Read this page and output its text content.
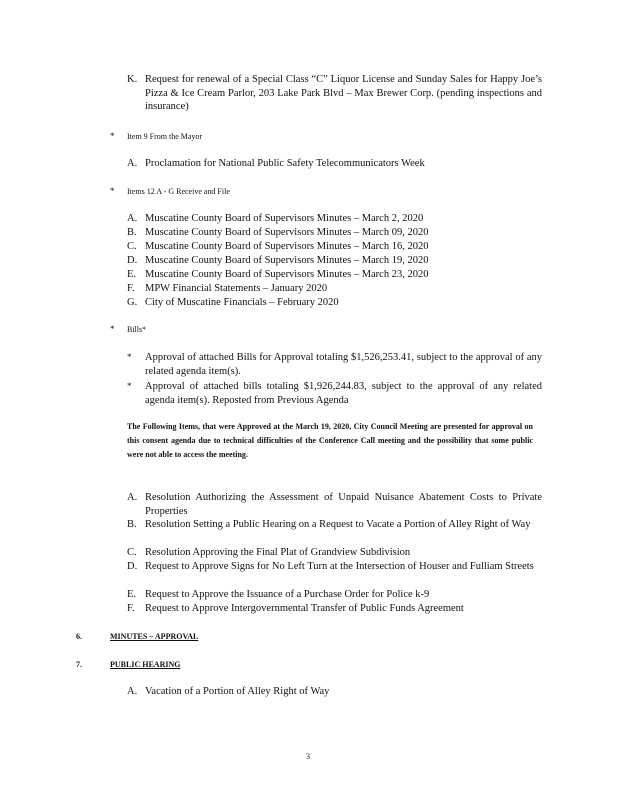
K. Request for renewal of a Special Class “C” Liquor License and Sunday Sales for Happy Joe’s Pizza & Ice Cream Parlor, 203 Lake Park Blvd – Max Brewer Corp. (pending inspections and insurance)
* Item 9 From the Mayor
A. Proclamation for National Public Safety Telecommunicators Week
* Items 12 A - G Receive and File
A. Muscatine County Board of Supervisors Minutes – March 2, 2020
B. Muscatine County Board of Supervisors Minutes – March 09, 2020
C. Muscatine County Board of Supervisors Minutes – March 16, 2020
D. Muscatine County Board of Supervisors Minutes – March 19, 2020
E. Muscatine County Board of Supervisors Minutes – March 23, 2020
F. MPW Financial Statements – January 2020
G. City of Muscatine Financials – February 2020
* Bills*
* Approval of attached Bills for Approval totaling $1,526,253.41, subject to the approval of any related agenda item(s).
* Approval of attached bills totaling $1,926,244.83, subject to the approval of any related agenda item(s). Reposted from Previous Agenda
The Following Items, that were Approved at the March 19, 2020, City Council Meeting are presented for approval on this consent agenda due to technical difficulties of the Conference Call meeting and the possibility that some public were not able to access the meeting.
A. Resolution Authorizing the Assessment of Unpaid Nuisance Abatement Costs to Private Properties
B. Resolution Setting a Public Hearing on a Request to Vacate a Portion of Alley Right of Way
C. Resolution Approving the Final Plat of Grandview Subdivision
D. Request to Approve Signs for No Left Turn at the Intersection of Houser and Fulliam Streets
E. Request to Approve the Issuance of a Purchase Order for Police k-9
F. Request to Approve Intergovernmental Transfer of Public Funds Agreement
6.	MINUTES – APPROVAL
7.	PUBLIC HEARING
A. Vacation of a Portion of Alley Right of Way
3
